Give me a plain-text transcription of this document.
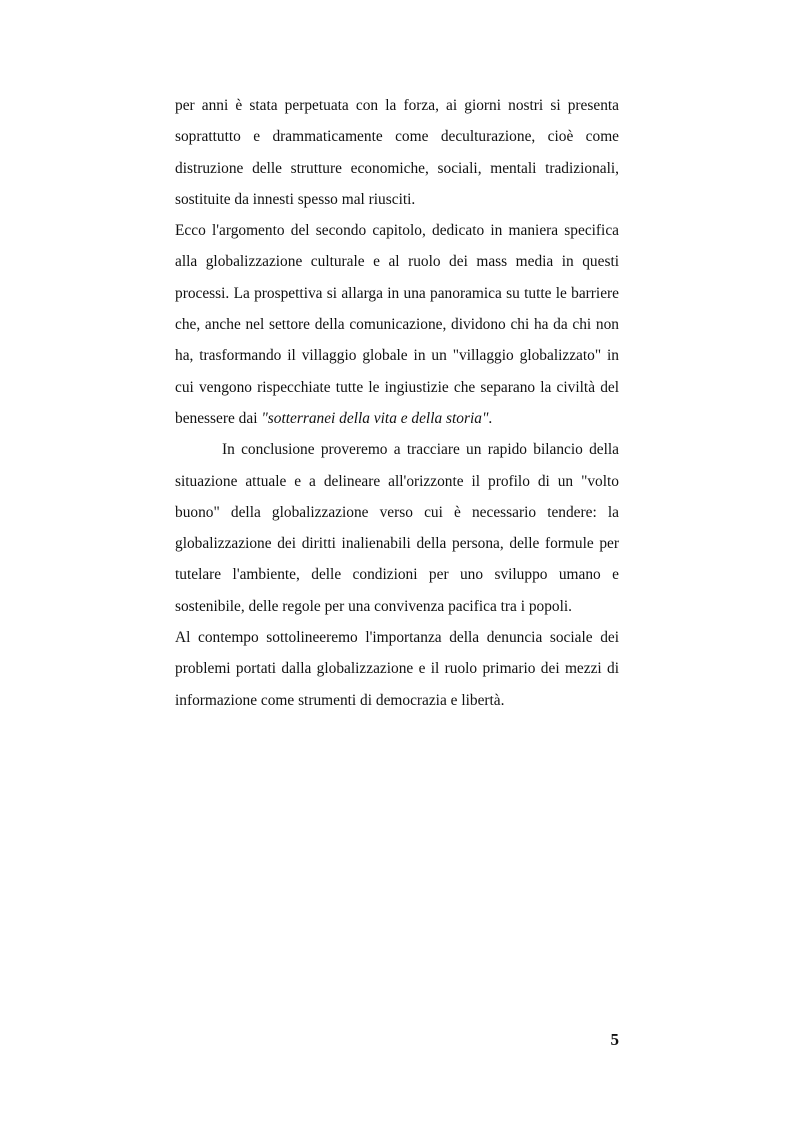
per anni è stata perpetuata con la forza, ai giorni nostri si presenta soprattutto e drammaticamente come deculturazione, cioè come distruzione delle strutture economiche, sociali, mentali tradizionali, sostituite da innesti spesso mal riusciti.

Ecco l'argomento del secondo capitolo, dedicato in maniera specifica alla globalizzazione culturale e al ruolo dei mass media in questi processi. La prospettiva si allarga in una panoramica su tutte le barriere che, anche nel settore della comunicazione, dividono chi ha da chi non ha, trasformando il villaggio globale in un "villaggio globalizzato" in cui vengono rispecchiate tutte le ingiustizie che separano la civiltà del benessere dai "sotterranei della vita e della storia".

In conclusione proveremo a tracciare un rapido bilancio della situazione attuale e a delineare all'orizzonte il profilo di un "volto buono" della globalizzazione verso cui è necessario tendere: la globalizzazione dei diritti inalienabili della persona, delle formule per tutelare l'ambiente, delle condizioni per uno sviluppo umano e sostenibile, delle regole per una convivenza pacifica tra i popoli.

Al contempo sottolineeremo l'importanza della denuncia sociale dei problemi portati dalla globalizzazione e il ruolo primario dei mezzi di informazione come strumenti di democrazia e libertà.

5
